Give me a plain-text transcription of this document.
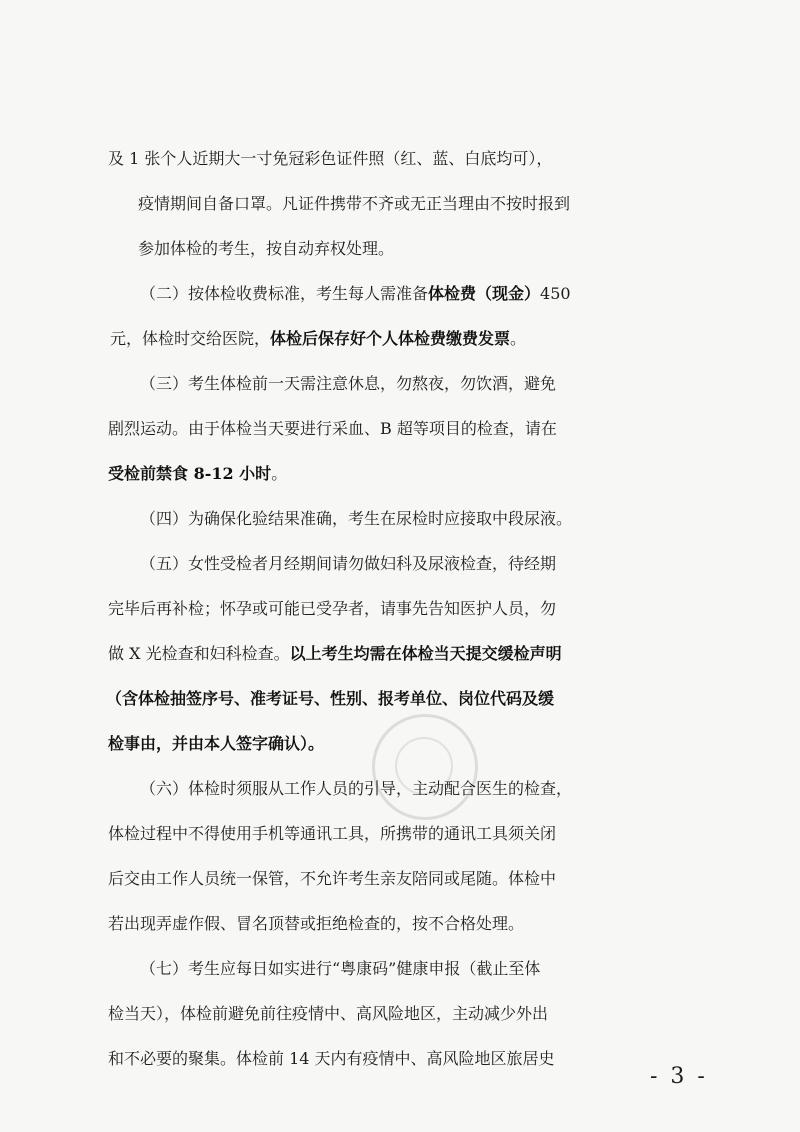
及 1 张个人近期大一寸免冠彩色证件照（红、蓝、白底均可），
疫情期间自备口罩。凡证件携带不齐或无正当理由不按时报到
参加体检的考生，按自动弃权处理。
（二）按体检收费标准，考生每人需准备体检费（现金）450
元，体检时交给医院，体检后保存好个人体检费缴费发票。
（三）考生体检前一天需注意休息，勿熬夜，勿饮酒，避免
剧烈运动。由于体检当天要进行采血、B 超等项目的检查，请在
受检前禁食 8-12 小时。
（四）为确保化验结果准确，考生在尿检时应接取中段尿液。
（五）女性受检者月经期间请勿做妇科及尿液检查，待经期
完毕后再补检；怀孕或可能已受孕者，请事先告知医护人员，勿
做 X 光检查和妇科检查。以上考生均需在体检当天提交缓检声明
（含体检抽签序号、准考证号、性别、报考单位、岗位代码及缓
检事由，并由本人签字确认）。
（六）体检时须服从工作人员的引导，主动配合医生的检查，
体检过程中不得使用手机等通讯工具，所携带的通讯工具须关闭
后交由工作人员统一保管，不允许考生亲友陪同或尾随。体检中
若出现弄虚作假、冒名顶替或拒绝检查的，按不合格处理。
（七）考生应每日如实进行“粤康码”健康申报（截止至体
检当天），体检前避免前往疫情中、高风险地区，主动减少外出
和不必要的聚集。体检前 14 天内有疫情中、高风险地区旅居史
- 3 -
